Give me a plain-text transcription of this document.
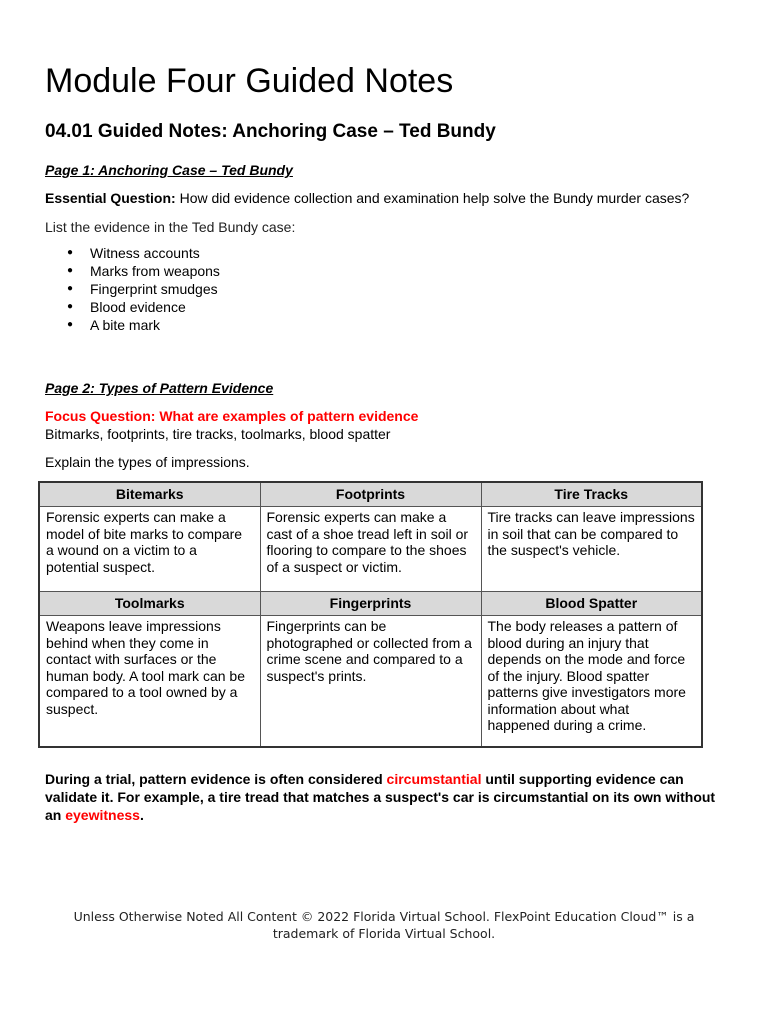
Module Four Guided Notes
04.01 Guided Notes: Anchoring Case – Ted Bundy
Page 1: Anchoring Case – Ted Bundy
Essential Question: How did evidence collection and examination help solve the Bundy murder cases?
List the evidence in the Ted Bundy case:
● Witness accounts
● Marks from weapons
● Fingerprint smudges
● Blood evidence
● A bite mark
Page 2: Types of Pattern Evidence
Focus Question: What are examples of pattern evidence
Bitmarks, footprints, tire tracks, toolmarks, blood spatter
Explain the types of impressions.
Bitemarks	Footprints	Tire Tracks
Forensic experts can make a model of bite marks to compare a wound on a victim to a potential suspect.	Forensic experts can make a cast of a shoe tread left in soil or flooring to compare to the shoes of a suspect or victim.	Tire tracks can leave impressions in soil that can be compared to the suspect's vehicle.
Toolmarks	Fingerprints	Blood Spatter
Weapons leave impressions behind when they come in contact with surfaces or the human body. A tool mark can be compared to a tool owned by a suspect.	Fingerprints can be photographed or collected from a crime scene and compared to a suspect's prints.	The body releases a pattern of blood during an injury that depends on the mode and force of the injury. Blood spatter patterns give investigators more information about what happened during a crime.
During a trial, pattern evidence is often considered circumstantial until supporting evidence can validate it. For example, a tire tread that matches a suspect's car is circumstantial on its own without an eyewitness.
Unless Otherwise Noted All Content © 2022 Florida Virtual School. FlexPoint Education Cloud™ is a trademark of Florida Virtual School.
